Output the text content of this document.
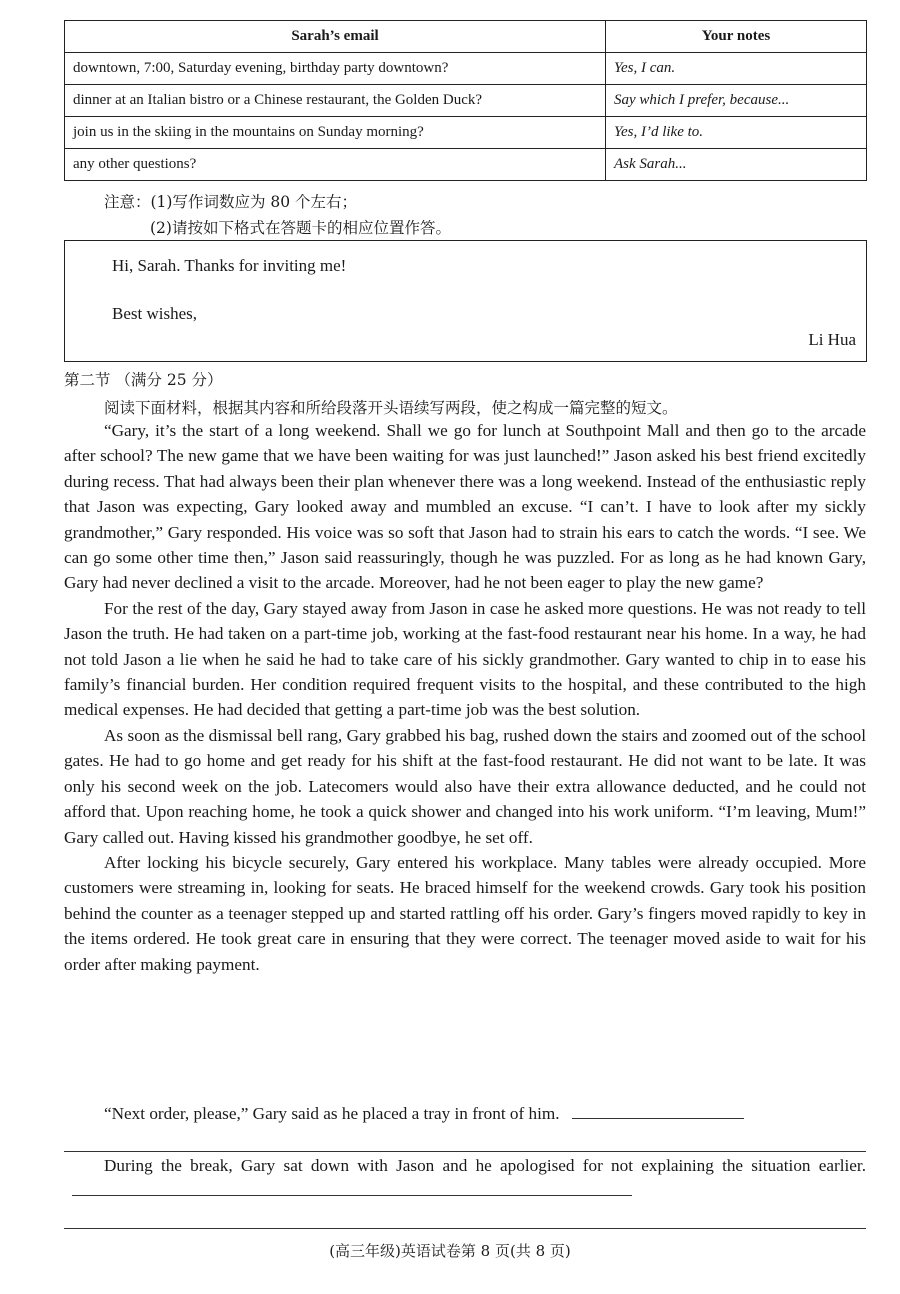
Sarah’s email	Your notes
downtown, 7:00, Saturday evening, birthday party downtown?	Yes, I can.
dinner at an Italian bistro or a Chinese restaurant, the Golden Duck?	Say which I prefer, because...
join us in the skiing in the mountains on Sunday morning?	Yes, I’d like to.
any other questions?	Ask Sarah...
注意：(1)写作词数应为 80 个左右；
(2)请按如下格式在答题卡的相应位置作答。
Hi, Sarah. Thanks for inviting me!
Best wishes,
Li Hua
第二节 （满分 25 分）
阅读下面材料，根据其内容和所给段落开头语续写两段，使之构成一篇完整的短文。

“Gary, it’s the start of a long weekend. Shall we go for lunch at Southpoint Mall and then go to the arcade after school? The new game that we have been waiting for was just launched!” Jason asked his best friend excitedly during recess. That had always been their plan whenever there was a long weekend. Instead of the enthusiastic reply that Jason was expecting, Gary looked away and mumbled an excuse. “I can’t. I have to look after my sickly grandmother,” Gary responded. His voice was so soft that Jason had to strain his ears to catch the words. “I see. We can go some other time then,” Jason said reassuringly, though he was puzzled. For as long as he had known Gary, Gary had never declined a visit to the arcade. Moreover, had he not been eager to play the new game?

For the rest of the day, Gary stayed away from Jason in case he asked more questions. He was not ready to tell Jason the truth. He had taken on a part-time job, working at the fast-food restaurant near his home. In a way, he had not told Jason a lie when he said he had to take care of his sickly grandmother. Gary wanted to chip in to ease his family’s financial burden. Her condition required frequent visits to the hospital, and these contributed to the high medical expenses. He had decided that getting a part-time job was the best solution.

As soon as the dismissal bell rang, Gary grabbed his bag, rushed down the stairs and zoomed out of the school gates. He had to go home and get ready for his shift at the fast-food restaurant. He did not want to be late. It was only his second week on the job. Latecomers would also have their extra allowance deducted, and he could not afford that. Upon reaching home, he took a quick shower and changed into his work uniform. “I’m leaving, Mum!” Gary called out. Having kissed his grandmother goodbye, he set off.

After locking his bicycle securely, Gary entered his workplace. Many tables were already occupied. More customers were streaming in, looking for seats. He braced himself for the weekend crowds. Gary took his position behind the counter as a teenager stepped up and started rattling off his order. Gary’s fingers moved rapidly to key in the items ordered. He took great care in ensuring that they were correct. The teenager moved aside to wait for his order after making payment.

“Next order, please,” Gary said as he placed a tray in front of him.
During the break, Gary sat down with Jason and he apologised for not explaining the situation earlier.
(高三年级)英语试卷第 8 页(共 8 页)
